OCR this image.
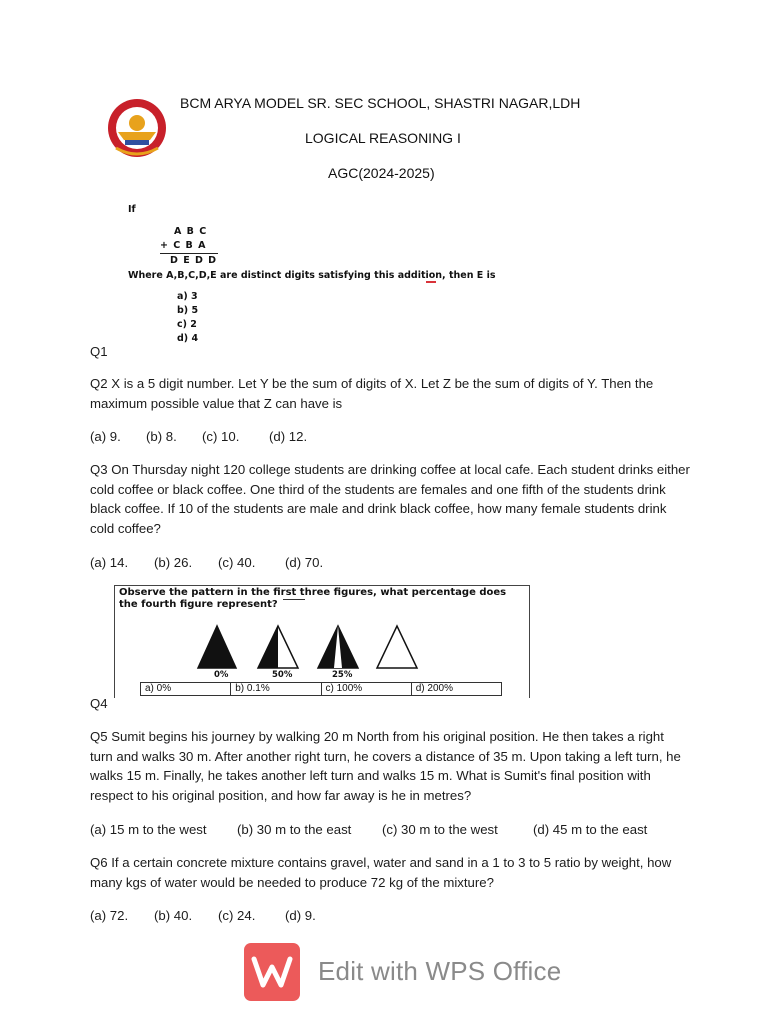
BCM ARYA MODEL SR. SEC SCHOOL, SHASTRI NAGAR,LDH
LOGICAL REASONING I
AGC(2024-2025)
If
A B C
+ C B A
D E D D
Where A,B,C,D,E are distinct digits satisfying this addition, then E is
a) 3
b) 5
c) 2
d) 4
Q1
Q2 X is a 5 digit number. Let Y be the sum of digits of X. Let Z be the sum of digits of Y. Then the maximum possible value that Z can have is
(a) 9. (b) 8. (c) 10. (d) 12.
Q3 On Thursday night 120 college students are drinking coffee at local cafe. Each student drinks either cold coffee or black coffee. One third of the students are females and one fifth of the students drink black coffee. If 10 of the students are male and drink black coffee, how many female students drink cold coffee?
(a) 14. (b) 26. (c) 40. (d) 70.
Observe the pattern in the first three figures, what percentage does the fourth figure represent?
0%	50%	25%
a) 0%	b) 0.1%	c) 100%	d) 200%
Q4
Q5 Sumit begins his journey by walking 20 m North from his original position. He then takes a right turn and walks 30 m. After another right turn, he covers a distance of 35 m. Upon taking a left turn, he walks 15 m. Finally, he takes another left turn and walks 15 m. What is Sumit's final position with respect to his original position, and how far away is he in metres?
(a) 15 m to the west (b) 30 m to the east (c) 30 m to the west	(d) 45 m to the east
Q6 If a certain concrete mixture contains gravel, water and sand in a 1 to 3 to 5 ratio by weight, how many kgs of water would be needed to produce 72 kg of the mixture?
(a) 72. (b) 40. (c) 24. (d) 9.
Edit with WPS Office
